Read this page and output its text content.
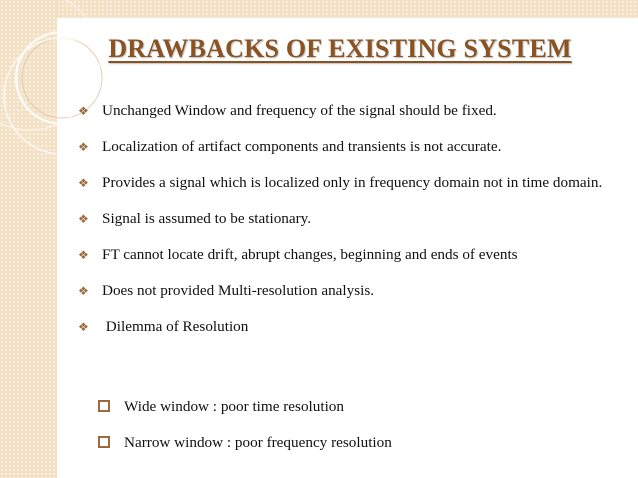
DRAWBACKS OF EXISTING SYSTEM
❖ Unchanged Window and frequency of the signal should be fixed.
❖ Localization of artifact components and transients is not accurate.
❖ Provides a signal which is localized only in frequency domain not in time domain.
❖ Signal is assumed to be stationary.
❖ FT cannot locate drift, abrupt changes, beginning and ends of events
❖ Does not provided Multi-resolution analysis.
❖ Dilemma of Resolution
Wide window : poor time resolution
Narrow window : poor frequency resolution
